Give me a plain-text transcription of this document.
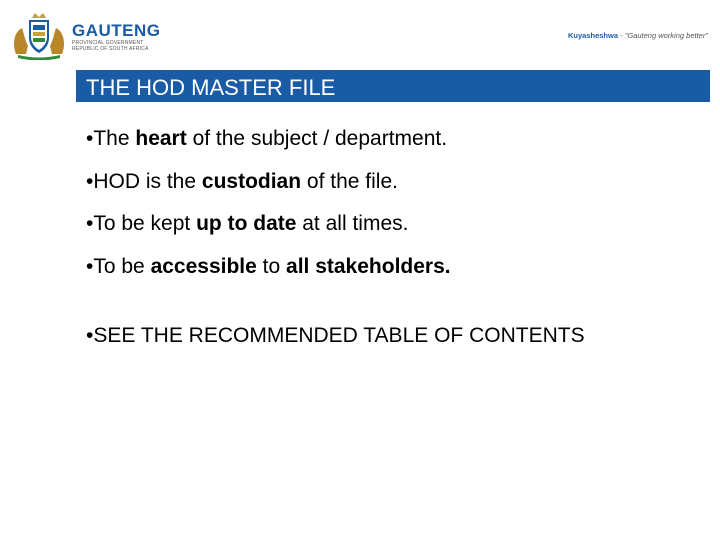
GAUTENG
PROVINCIAL GOVERNMENT
REPUBLIC OF SOUTH AFRICA
Kuyasheshwa - "Gauteng working better"
THE HOD MASTER FILE
•The heart of the subject / department.
•HOD is the custodian of the file.
•To be kept up to date at all times.
•To be accessible to all stakeholders.
•SEE THE RECOMMENDED TABLE OF CONTENTS
